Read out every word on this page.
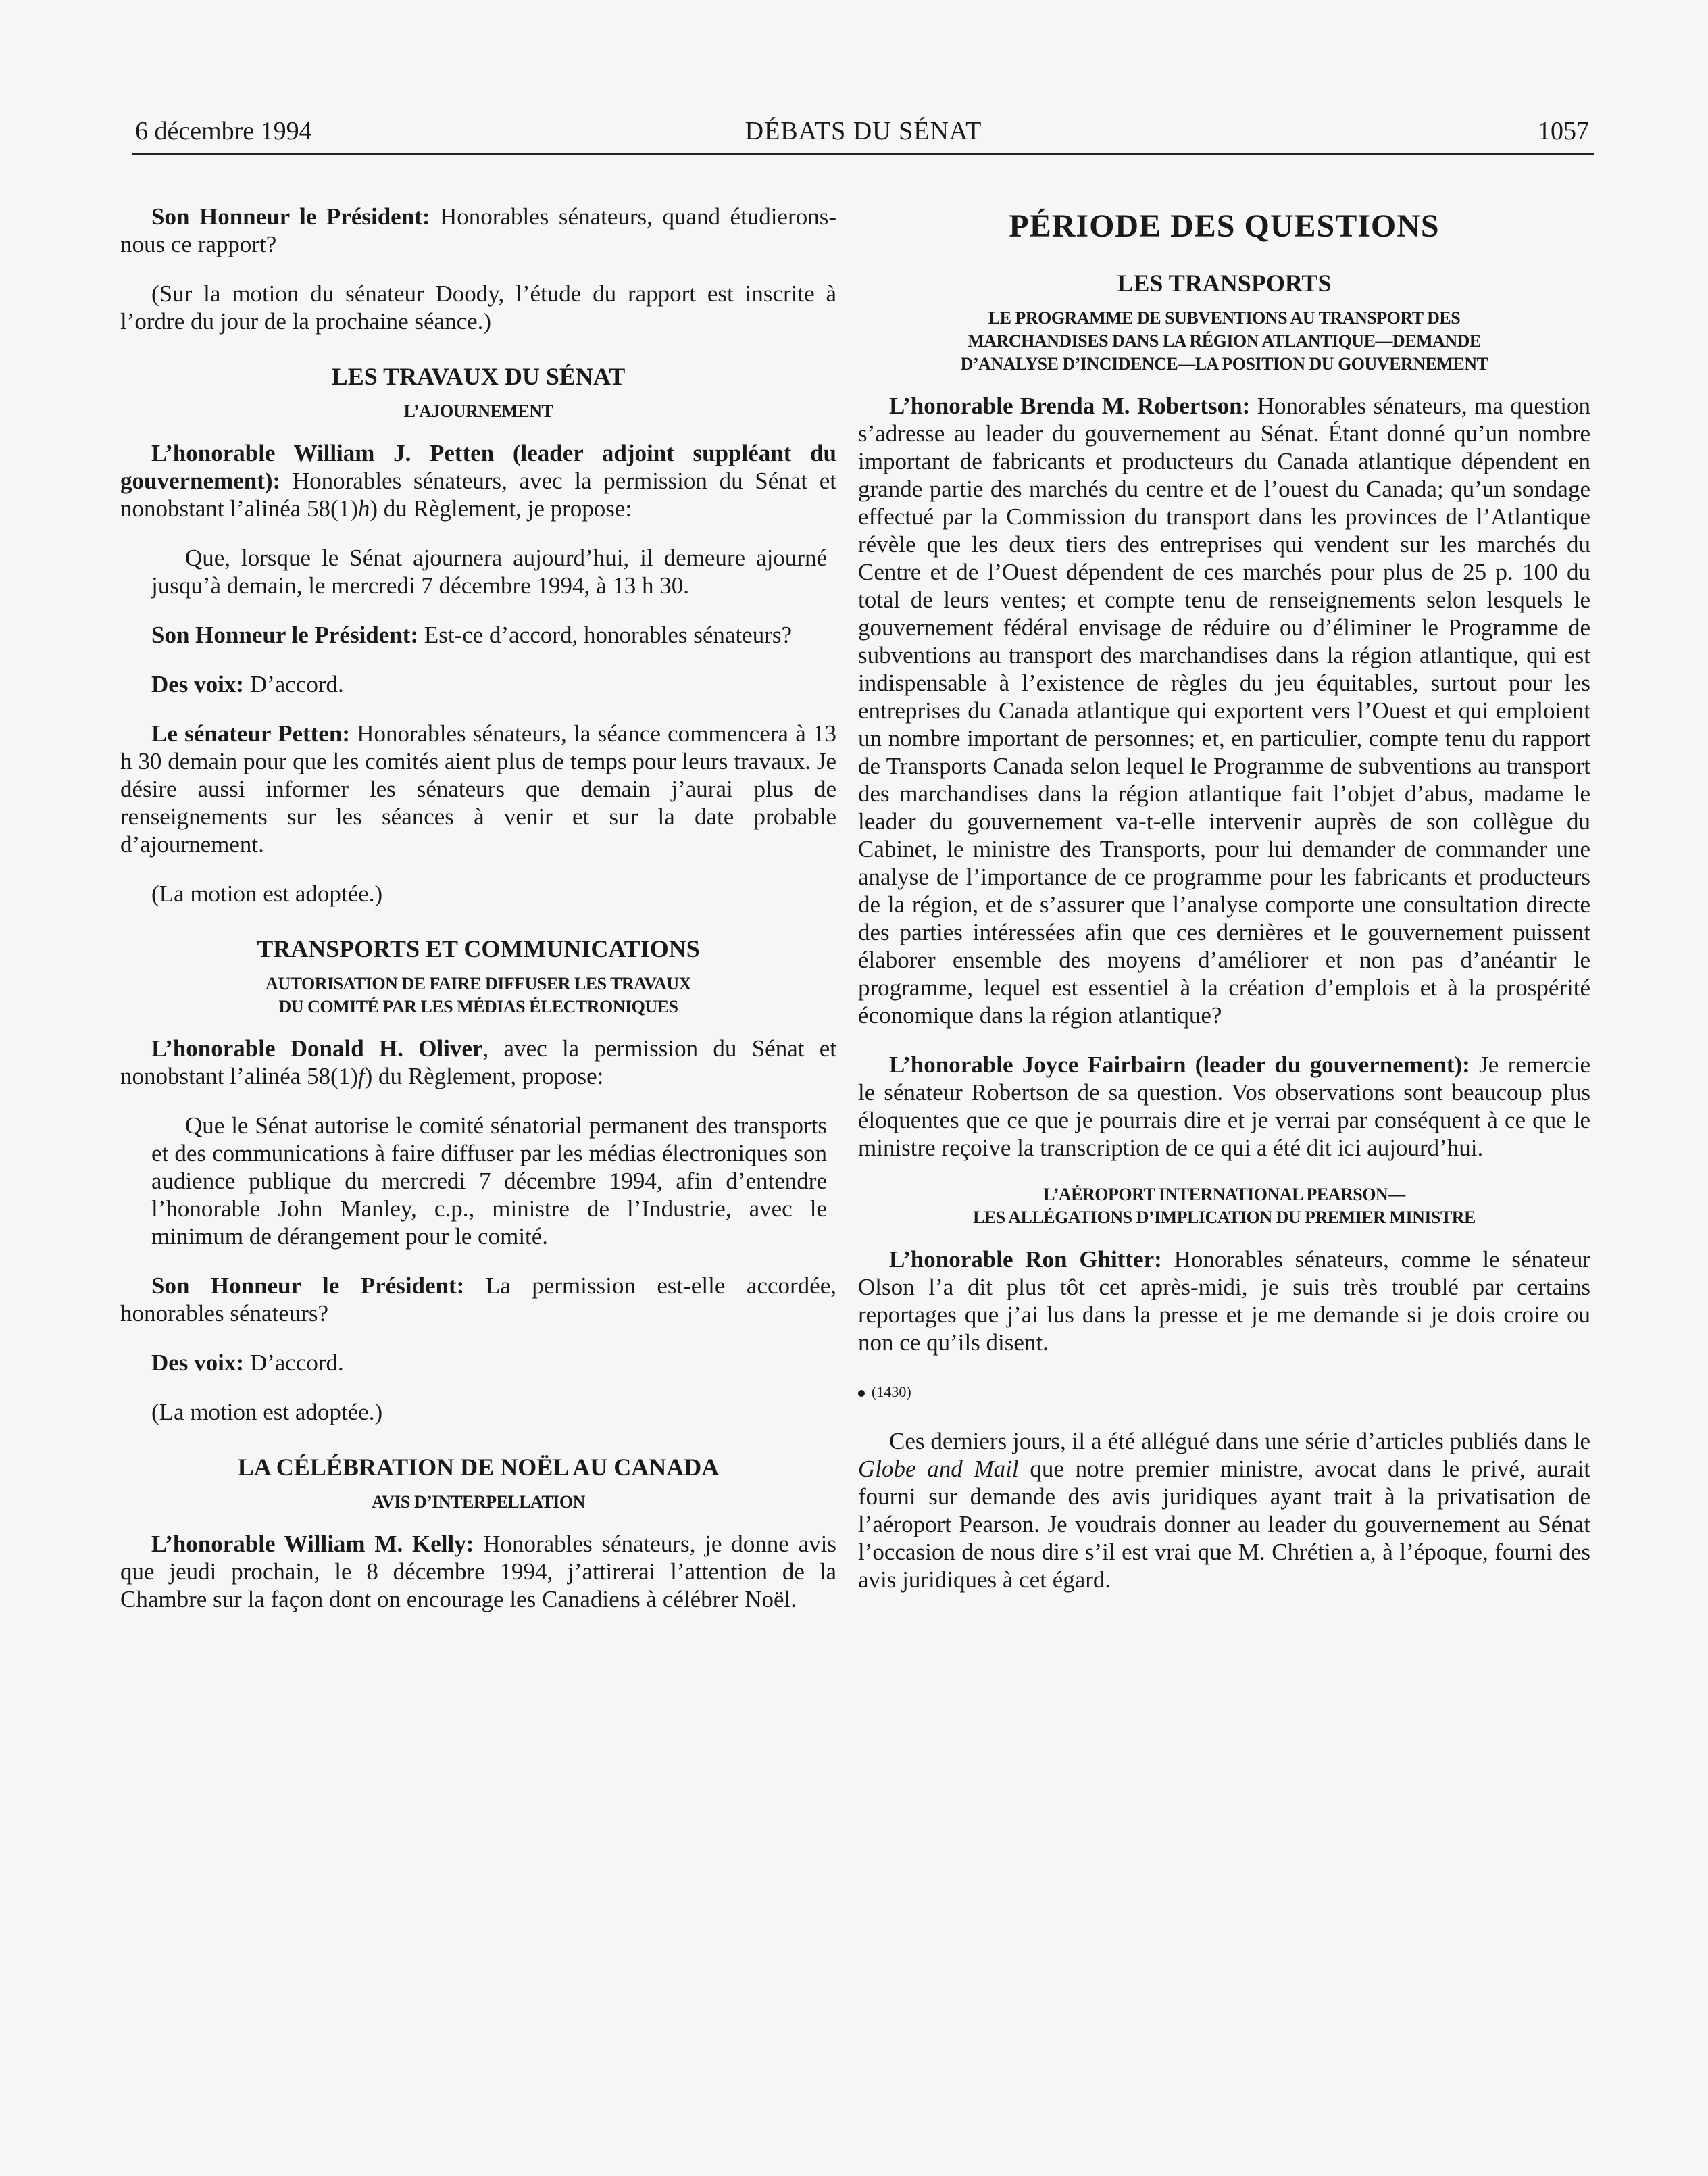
6 décembre 1994	DÉBATS DU SÉNAT	1057

Son Honneur le Président: Honorables sénateurs, quand étudierons-nous ce rapport?

(Sur la motion du sénateur Doody, l’étude du rapport est inscrite à l’ordre du jour de la prochaine séance.)

LES TRAVAUX DU SÉNAT
L’AJOURNEMENT

L’honorable William J. Petten (leader adjoint suppléant du gouvernement): Honorables sénateurs, avec la permission du Sénat et nonobstant l’alinéa 58(1)h) du Règlement, je propose:

Que, lorsque le Sénat ajournera aujourd’hui, il demeure ajourné jusqu’à demain, le mercredi 7 décembre 1994, à 13 h 30.

Son Honneur le Président: Est-ce d’accord, honorables sénateurs?

Des voix: D’accord.

Le sénateur Petten: Honorables sénateurs, la séance commencera à 13 h 30 demain pour que les comités aient plus de temps pour leurs travaux. Je désire aussi informer les sénateurs que demain j’aurai plus de renseignements sur les séances à venir et sur la date probable d’ajournement.

(La motion est adoptée.)

TRANSPORTS ET COMMUNICATIONS
AUTORISATION DE FAIRE DIFFUSER LES TRAVAUX
DU COMITÉ PAR LES MÉDIAS ÉLECTRONIQUES

L’honorable Donald H. Oliver, avec la permission du Sénat et nonobstant l’alinéa 58(1)f) du Règlement, propose:

Que le Sénat autorise le comité sénatorial permanent des transports et des communications à faire diffuser par les médias électroniques son audience publique du mercredi 7 décembre 1994, afin d’entendre l’honorable John Manley, c.p., ministre de l’Industrie, avec le minimum de dérangement pour le comité.

Son Honneur le Président: La permission est-elle accordée, honorables sénateurs?

Des voix: D’accord.

(La motion est adoptée.)

LA CÉLÉBRATION DE NOËL AU CANADA
AVIS D’INTERPELLATION

L’honorable William M. Kelly: Honorables sénateurs, je donne avis que jeudi prochain, le 8 décembre 1994, j’attirerai l’attention de la Chambre sur la façon dont on encourage les Canadiens à célébrer Noël.

PÉRIODE DES QUESTIONS
LES TRANSPORTS
LE PROGRAMME DE SUBVENTIONS AU TRANSPORT DES
MARCHANDISES DANS LA RÉGION ATLANTIQUE—DEMANDE
D’ANALYSE D’INCIDENCE—LA POSITION DU GOUVERNEMENT

L’honorable Brenda M. Robertson: Honorables sénateurs, ma question s’adresse au leader du gouvernement au Sénat. Étant donné qu’un nombre important de fabricants et producteurs du Canada atlantique dépendent en grande partie des marchés du centre et de l’ouest du Canada; qu’un sondage effectué par la Commission du transport dans les provinces de l’Atlantique révèle que les deux tiers des entreprises qui vendent sur les marchés du Centre et de l’Ouest dépendent de ces marchés pour plus de 25 p. 100 du total de leurs ventes; et compte tenu de renseignements selon lesquels le gouvernement fédéral envisage de réduire ou d’éliminer le Programme de subventions au transport des marchandises dans la région atlantique, qui est indispensable à l’existence de règles du jeu équitables, surtout pour les entreprises du Canada atlantique qui exportent vers l’Ouest et qui emploient un nombre important de personnes; et, en particulier, compte tenu du rapport de Transports Canada selon lequel le Programme de subventions au transport des marchandises dans la région atlantique fait l’objet d’abus, madame le leader du gouvernement va-t-elle intervenir auprès de son collègue du Cabinet, le ministre des Transports, pour lui demander de commander une analyse de l’importance de ce programme pour les fabricants et producteurs de la région, et de s’assurer que l’analyse comporte une consultation directe des parties intéressées afin que ces dernières et le gouvernement puissent élaborer ensemble des moyens d’améliorer et non pas d’anéantir le programme, lequel est essentiel à la création d’emplois et à la prospérité économique dans la région atlantique?

L’honorable Joyce Fairbairn (leader du gouvernement): Je remercie le sénateur Robertson de sa question. Vos observations sont beaucoup plus éloquentes que ce que je pourrais dire et je verrai par conséquent à ce que le ministre reçoive la transcription de ce qui a été dit ici aujourd’hui.

L’AÉROPORT INTERNATIONAL PEARSON—
LES ALLÉGATIONS D’IMPLICATION DU PREMIER MINISTRE

L’honorable Ron Ghitter: Honorables sénateurs, comme le sénateur Olson l’a dit plus tôt cet après-midi, je suis très troublé par certains reportages que j’ai lus dans la presse et je me demande si je dois croire ou non ce qu’ils disent.

(1430)

Ces derniers jours, il a été allégué dans une série d’articles publiés dans le Globe and Mail que notre premier ministre, avocat dans le privé, aurait fourni sur demande des avis juridiques ayant trait à la privatisation de l’aéroport Pearson. Je voudrais donner au leader du gouvernement au Sénat l’occasion de nous dire s’il est vrai que M. Chrétien a, à l’époque, fourni des avis juridiques à cet égard.
